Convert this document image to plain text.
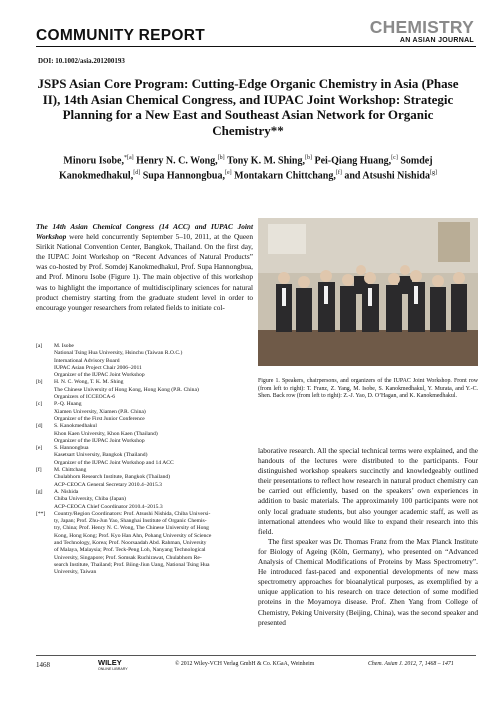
COMMUNITY REPORT	CHEMISTRY
AN ASIAN JOURNAL
DOI: 10.1002/asia.201200193
JSPS Asian Core Program: Cutting-Edge Organic Chemistry in Asia (Phase II), 14th Asian Chemical Congress, and IUPAC Joint Workshop: Strategic Planning for a New East and Southeast Asian Network for Organic Chemistry**
Minoru Isobe,$^{*[a]}$ Henry N. C. Wong,[b] Tony K. M. Shing,[b] Pei-Qiang Huang,[c] Somdej Kanokmedhakul,[d] Supa Hannongbua,[e] Montakarn Chittchang,[f] and Atsushi Nishida[g]
The 14th Asian Chemical Congress (14 ACC) and IUPAC Joint Workshop were held concurrently September 5–10, 2011, at the Queen Sirikit National Convention Center, Bangkok, Thailand. On the first day, the IUPAC Joint Workshop on “Recent Advances of Natural Products” was co-hosted by Prof. Somdej Kanokmedhakul, Prof. Supa Hannongbua, and Prof. Minoru Isobe (Figure 1). The main objective of this workshop was to highlight the importance of multidisciplinary sciences for natural product chemistry starting from the graduate student level in order to encourage younger researchers from related fields to initiate col-
[a]	M. Isobe
National Tsing Hua University, Hsinchu (Taiwan R.O.C.)
International Advisory Board
IUPAC Asian Project Chair 2006–2011
Organizer of the IUPAC Joint Workshop
[b]	H. N. C. Wong, T. K. M. Shing
The Chinese University of Hong Kong, Hong Kong (P.R. China)
Organizers of ICCEOCA-6
[c]	P.-Q. Huang
Xiamen University, Xiamen (P.R. China)
Organizer of the First Junior Conference
[d]	S. Kanokmedhakul
Khon Kaen University, Khon Kaen (Thailand)
Organizer of the IUPAC Joint Workshop
[e]	S. Hannongbua
Kasetsart University, Bangkok (Thailand)
Organizer of the IUPAC Joint Workshop and 14 ACC
[f]	M. Chittchang
Chulabhorn Research Institute, Bangkok (Thailand)
ACP-CEOCA General Secretary 2010.4–2015.3
[g]	A. Nishida
Chiba University, Chiba (Japan)
ACP-CEOCA Chief Coordinator 2010.4–2015.3
[**]	Country/Region Coordinators: Prof. Atsushi Nishida, Chiba Universi-
ty, Japan; Prof. Zhu-Jun Yao, Shanghai Institute of Organic Chemis-
try, China; Prof. Henry N. C. Wong, The Chinese University of Hong
Kong, Hong Kong; Prof. Kyo Han Ahn, Pohang University of Science
and Technology, Korea; Prof. Noorsaadah Abd. Rahman, University
of Malaya, Malaysia; Prof. Teck-Peng Loh, Nanyang Technological
University, Singapore; Prof. Somsak Ruchirawat, Chulabhorn Re-
search Institute, Thailand; Prof. Biing-Jiun Uang, National Tsing Hua
University, Taiwan
Figure 1. Speakers, chairpersons, and organizers of the IUPAC Joint Workshop. Front row (from left to right): T. Franz, Z. Yang, M. Isobe, S. Kanokmedhakul, Y. Murata, and Y.-C. Shen. Back row (from left to right): Z.-J. Yao, D. O’Hagan, and K. Kanokmedhakul.

laborative research. All the special technical terms were explained, and the handouts of the lectures were distributed to the participants. Four distinguished workshop speakers succinctly and knowledgeably outlined their presentations to reflect how research in natural product chemistry can be carried out efficiently, based on the speakers’ own experiences in addition to basic materials. The approximately 100 participants were not only local graduate students, but also younger academic staff, as well as international attendees who would like to expand their research into this field.

The first speaker was Dr. Thomas Franz from the Max Planck Institute for Biology of Ageing (Köln, Germany), who presented on “Advanced Analysis of Chemical Modifications of Proteins by Mass Spectrometry”. He introduced fast-paced and exponential developments of new mass spectrometry approaches for bioanalytical purposes, as exemplified by a unique application to his research on trace detection of some modified proteins in the Moyamoya disease. Prof. Zhen Yang from College of Chemistry, Peking University (Beijing, China), was the second speaker and presented

1468	WILEY
ONLINE LIBRARY
© 2012 Wiley-VCH Verlag GmbH & Co. KGaA, Weinheim	Chem. Asian J. 2012, 7, 1468 – 1471
